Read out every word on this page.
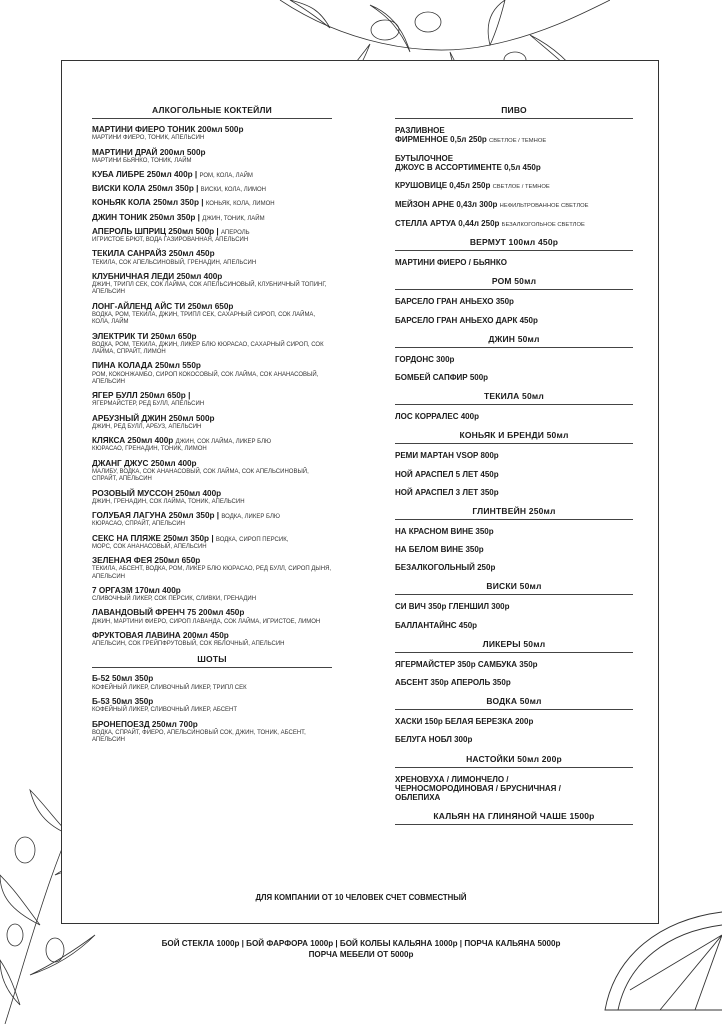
АЛКОГОЛЬНЫЕ КОКТЕЙЛИ
МАРТИНИ ФИЕРО ТОНИК 200мл 500р
МАРТИНИ ФИЕРО, ТОНИК, АПЕЛЬСИН
МАРТИНИ ДРАЙ 200мл 500р
МАРТИНИ БЬЯНКО, ТОНИК, ЛАЙМ
КУБА ЛИБРЕ 250мл 400р | РОМ, КОЛА, ЛАЙМ
ВИСКИ КОЛА 250мл 350р | ВИСКИ, КОЛА, ЛИМОН
КОНЬЯК КОЛА 250мл 350р | КОНЬЯК, КОЛА, ЛИМОН
ДЖИН ТОНИК 250мл 350р | ДЖИН, ТОНИК, ЛАЙМ
АПЕРОЛЬ ШПРИЦ 250мл 500р | АПЕРОЛЬ
ИГРИСТОЕ БРЮТ, ВОДА ГАЗИРОВАННАЯ, АПЕЛЬСИН
ТЕКИЛА САНРАЙЗ 250мл 450р
ТЕКИЛА, СОК АПЕЛЬСИНОВЫЙ, ГРЕНАДИН, АПЕЛЬСИН
КЛУБНИЧНАЯ ЛЕДИ 250мл 400р
ДЖИН, ТРИПЛ СЕК, СОК ЛАЙМА, СОК АПЕЛЬСИНОВЫЙ, КЛУБНИЧНЫЙ ТОПИНГ, АПЕЛЬСИН
ЛОНГ-АЙЛЕНД АЙС ТИ 250мл 650р
ВОДКА, РОМ, ТЕКИЛА, ДЖИН, ТРИПЛ СЕК, САХАРНЫЙ СИРОП, СОК ЛАЙМА, КОЛА, ЛАЙМ
ЭЛЕКТРИК ТИ 250мл 650р
ВОДКА, РОМ, ТЕКИЛА, ДЖИН, ЛИКЕР БЛЮ КЮРАСАО, САХАРНЫЙ СИРОП, СОК ЛАЙМА, СПРАЙТ, ЛИМОН
ПИНА КОЛАДА 250мл 550р
РОМ, КОКОНЖАМБО, СИРОП КОКОСОВЫЙ, СОК ЛАЙМА, СОК АНАНАСОВЫЙ, АПЕЛЬСИН
ЯГЕР БУЛЛ 250мл 650р |
ЯГЕРМАЙСТЕР, РЕД БУЛЛ, АПЕЛЬСИН
АРБУЗНЫЙ ДЖИН 250мл 500р
ДЖИН, РЕД БУЛЛ, АРБУЗ, АПЕЛЬСИН
КЛЯКСА 250мл 400р ДЖИН, СОК ЛАЙМА, ЛИКЕР БЛЮ
КЮРАСАО, ГРЕНАДИН, ТОНИК, ЛИМОН
ДЖАНГ ДЖУС 250мл 400р
МАЛИБУ, ВОДКА, СОК АНАНАСОВЫЙ, СОК ЛАЙМА, СОК АПЕЛЬСИНОВЫЙ, СПРАЙТ, АПЕЛЬСИН
РОЗОВЫЙ МУССОН 250мл 400р
ДЖИН, ГРЕНАДИН, СОК ЛАЙМА, ТОНИК, АПЕЛЬСИН
ГОЛУБАЯ ЛАГУНА 250мл 350р | ВОДКА, ЛИКЕР БЛЮ
КЮРАСАО, СПРАЙТ, АПЕЛЬСИН
СЕКС НА ПЛЯЖЕ 250мл 350р | ВОДКА, СИРОП ПЕРСИК,
МОРС, СОК АНАНАСОВЫЙ, АПЕЛЬСИН
ЗЕЛЕНАЯ ФЕЯ 250мл 650р
ТЕКИЛА, АБСЕНТ, ВОДКА, РОМ, ЛИКЕР БЛЮ КЮРАСАО, РЕД БУЛЛ, СИРОП ДЫНЯ, АПЕЛЬСИН
7 ОРГАЗМ 170мл 400р
СЛИВОЧНЫЙ ЛИКЕР, СОК ПЕРСИК, СЛИВКИ, ГРЕНАДИН
ЛАВАНДОВЫЙ ФРЕНЧ 75 200мл 450р
ДЖИН, МАРТИНИ ФИЕРО, СИРОП ЛАВАНДА, СОК ЛАЙМА, ИГРИСТОЕ, ЛИМОН
ФРУКТОВАЯ ЛАВИНА 200мл 450р
АПЕЛЬСИН, СОК ГРЕЙПФРУТОВЫЙ, СОК ЯБЛОЧНЫЙ, АПЕЛЬСИН
ШОТЫ
Б-52 50мл 350р
КОФЕЙНЫЙ ЛИКЕР, СЛИВОЧНЫЙ ЛИКЕР, ТРИПЛ СЕК
Б-53 50мл 350р
КОФЕЙНЫЙ ЛИКЕР, СЛИВОЧНЫЙ ЛИКЕР, АБСЕНТ
БРОНЕПОЕЗД 250мл 700р
ВОДКА, СПРАЙТ, ФИЕРО, АПЕЛЬСИНОВЫЙ СОК, ДЖИН, ТОНИК, АБСЕНТ, АПЕЛЬСИН
ПИВО
РАЗЛИВНОЕ
ФИРМЕННОЕ 0,5л 250р СВЕТЛОЕ / ТЕМНОЕ
БУТЫЛОЧНОЕ
ДЖОУС В АССОРТИМЕНТЕ 0,5л 450р
КРУШОВИЦЕ 0,45л 250р СВЕТЛОЕ / ТЕМНОЕ
МЕЙЗОН АРНЕ 0,43л 300р НЕФИЛЬТРОВАННОЕ СВЕТЛОЕ
СТЕЛЛА АРТУА 0,44л 250р БЕЗАЛКОГОЛЬНОЕ СВЕТЛОЕ
ВЕРМУТ 100мл 450р
МАРТИНИ ФИЕРО / БЬЯНКО
РОМ 50мл
БАРСЕЛО ГРАН АНЬЕХО 350р
БАРСЕЛО ГРАН АНЬЕХО ДАРК 450р
ДЖИН 50мл
ГОРДОНС 300р
БОМБЕЙ САПФИР 500р
ТЕКИЛА 50мл
ЛОС КОРРАЛЕС 400р
КОНЬЯК И БРЕНДИ 50мл
РЕМИ МАРТАН VSOP 800р
НОЙ АРАСПЕЛ 5 ЛЕТ 450р
НОЙ АРАСПЕЛ 3 ЛЕТ 350р
ГЛИНТВЕЙН 250мл
НА КРАСНОМ ВИНЕ 350р
НА БЕЛОМ ВИНЕ 350р
БЕЗАЛКОГОЛЬНЫЙ 250р
ВИСКИ 50мл
СИ ВИЧ 350р ГЛЕНШИЛ 300р
БАЛЛАНТАЙНС 450р
ЛИКЕРЫ 50мл
ЯГЕРМАЙСТЕР 350р САМБУКА 350р
АБСЕНТ 350р АПЕРОЛЬ 350р
ВОДКА 50мл
ХАСКИ 150р БЕЛАЯ БЕРЕЗКА 200р
БЕЛУГА НОБЛ 300р
НАСТОЙКИ 50мл 200р
ХРЕНОВУХА / ЛИМОНЧЕЛО /
ЧЕРНОСМОРОДИНОВАЯ / БРУСНИЧНАЯ /
ОБЛЕПИХА
КАЛЬЯН НА ГЛИНЯНОЙ ЧАШЕ 1500р
ДЛЯ КОМПАНИИ ОТ 10 ЧЕЛОВЕК СЧЕТ СОВМЕСТНЫЙ
БОЙ СТЕКЛА 1000р | БОЙ ФАРФОРА 1000р | БОЙ КОЛБЫ КАЛЬЯНА 1000р | ПОРЧА КАЛЬЯНА 5000р
ПОРЧА МЕБЕЛИ ОТ 5000р
